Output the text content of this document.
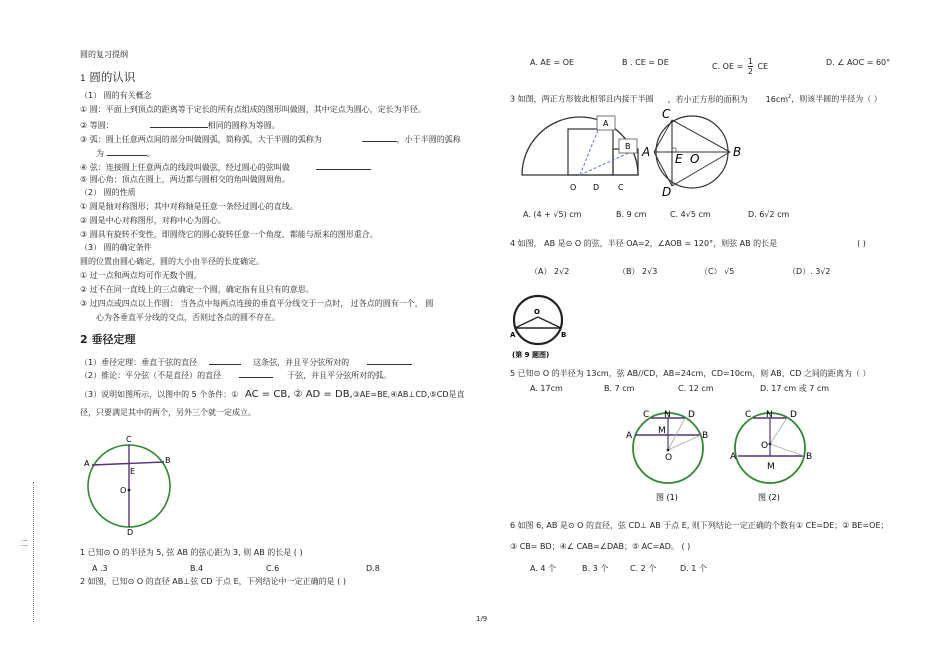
二
圆的复习提纲
1 圆的认识
（1） 圆的有关概念
① 圆：平面上到顶点的距离等于定长的所有点组成的图形叫做圆，其中定点为圆心，定长为半径。
② 等圆：	相同的圆称为等圆。
③ 弧：圆上任意两点间的部分叫做圆弧，简称弧，大于半圆的弧称为	，小于半圆的弧称
为	。
④ 弦：连接圆上任意两点的线段叫做弦，经过圆心的弦叫做
⑤ 圆心角：顶点在圆上，两边都与圆相交的角叫做圆周角。
（2） 圆的性质
① 圆是轴对称图形；其中对称轴是任意一条经过圆心的直线。
② 圆是中心对称图形，对称中心为圆心。
③ 圆具有旋转不变性，即圆绕它的圆心旋转任意一个角度，都能与原来的图形重合。
（3） 圆的确定条件
圆的位置由圆心确定，圆的大小由半径的长度确定。
① 过一点和两点均可作无数个圆。
② 过不在同一直线上的三点确定一个圆，确定指有且只有的意思。
③ 过四点或四点以上作圆： 当各点中每两点连接的垂直平分线交于一点时， 过各点的圆有一个， 圆
心为各垂直平分线的交点，否则过各点的圆不存在。
2 垂径定理
（1）垂径定理：垂直于弦的直径	这条弦，并且平分弦所对的
（2）推论：平分弦（不是直径）的直径	于弦，并且平分弦所对的弧。
（3）说明如图所示，以图中的 5 个条件：① AC = CB, ② AD = DB,③AE=BE,④AB⊥CD,⑤CD是直
径，只要满足其中的两个，另外三个就一定成立。
C
A	B
E
O
D
1 已知⊙ O 的半径为 5, 弦 AB 的弦心距为 3, 则 AB 的长是 ( )
A .3	B.4	C.6	D.8
2 如图，已知⊙ O 的直径 AB⊥弦 CD 于点 E，下列结论中一定正确的是 ( )
A. AE = OE	B . CE = DE	C. OE = $\frac{1}{2}$ CE	D. ∠ AOC = 60°
3 如图，两正方形彼此相邻且内接于半圆 ，若小正方形的面积为 $16cm^2$，则该半圆的半径为（ ）
A
B
O D C
C
A E O	B
D
A. (4 + √5) cm	B. 9 cm	C. 4√5 cm	D. 6√2 cm
4 如图， AB 是⊙ O 的弦，半径 OA=2，∠AOB = 120°，则弦 AB 的长是	( )
（A） 2√2	（B） 2√3	（C） √5	（D）. 3√2
O
A	B
(第 9 题图)
5 已知⊙ O 的半径为 13cm，弦 AB//CD，AB=24cm，CD=10cm，则 AB、CD 之间的距离为（ ）
A. 17cm	B. 7 cm	C. 12 cm	D. 17 cm 或 7 cm
C N D
A	M	B
O
图 (1)
C N D
O
A	B
M
图 (2)
6 如图 6, AB 是⊙ O 的直径，弦 CD⊥ AB 于点 E, 则下列结论一定正确的个数有① CE=DE；② BE=OE；
③ CB= BD；④∠ CAB=∠DAB；⑤ AC=AD。 ( )
A. 4 个	B. 3 个	C. 2 个	D. 1 个
1/9
